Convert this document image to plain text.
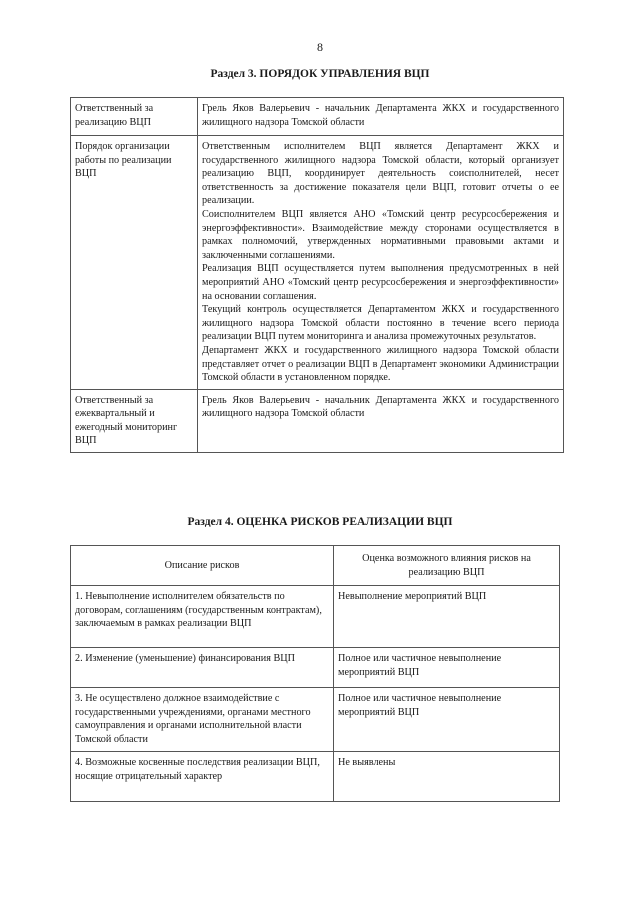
8
Раздел 3. ПОРЯДОК УПРАВЛЕНИЯ ВЦП
Ответственный за реализацию ВЦП	Грель Яков Валерьевич - начальник Департамента ЖКХ и государственного жилищного надзора Томской области

Порядок организации работы по реализации ВЦП	Ответственным исполнителем ВЦП является Департамент ЖКХ и государственного жилищного надзора Томской области, который организует реализацию ВЦП, координирует деятельность соисполнителей, несет ответственность за достижение показателя цели ВЦП, готовит отчеты о ее реализации.
Соисполнителем ВЦП является АНО «Томский центр ресурсосбережения и энергоэффективности». Взаимодействие между сторонами осуществляется в рамках полномочий, утвержденных нормативными правовыми актами и заключенными соглашениями.
Реализация ВЦП осуществляется путем выполнения предусмотренных в ней мероприятий АНО «Томский центр ресурсосбережения и энергоэффективности» на основании соглашения.
Текущий контроль осуществляется Департаментом ЖКХ и государственного жилищного надзора Томской области постоянно в течение всего периода реализации ВЦП путем мониторинга и анализа промежуточных результатов.
Департамент ЖКХ и государственного жилищного надзора Томской области представляет отчет о реализации ВЦП в Департамент экономики Администрации Томской области в установленном порядке.

Ответственный за ежеквартальный и ежегодный мониторинг ВЦП	Грель Яков Валерьевич - начальник Департамента ЖКХ и государственного жилищного надзора Томской области
Раздел 4. ОЦЕНКА РИСКОВ РЕАЛИЗАЦИИ ВЦП
Описание рисков	Оценка возможного влияния рисков на реализацию ВЦП
1. Невыполнение исполнителем обязательств по договорам, соглашениям (государственным контрактам), заключаемым в рамках реализации ВЦП	Невыполнение мероприятий ВЦП
2. Изменение (уменьшение) финансирования ВЦП	Полное или частичное невыполнение мероприятий ВЦП
3. Не осуществлено должное взаимодействие с государственными учреждениями, органами местного самоуправления и органами исполнительной власти Томской области	Полное или частичное невыполнение мероприятий ВЦП
4. Возможные косвенные последствия реализации ВЦП, носящие отрицательный характер	Не выявлены
